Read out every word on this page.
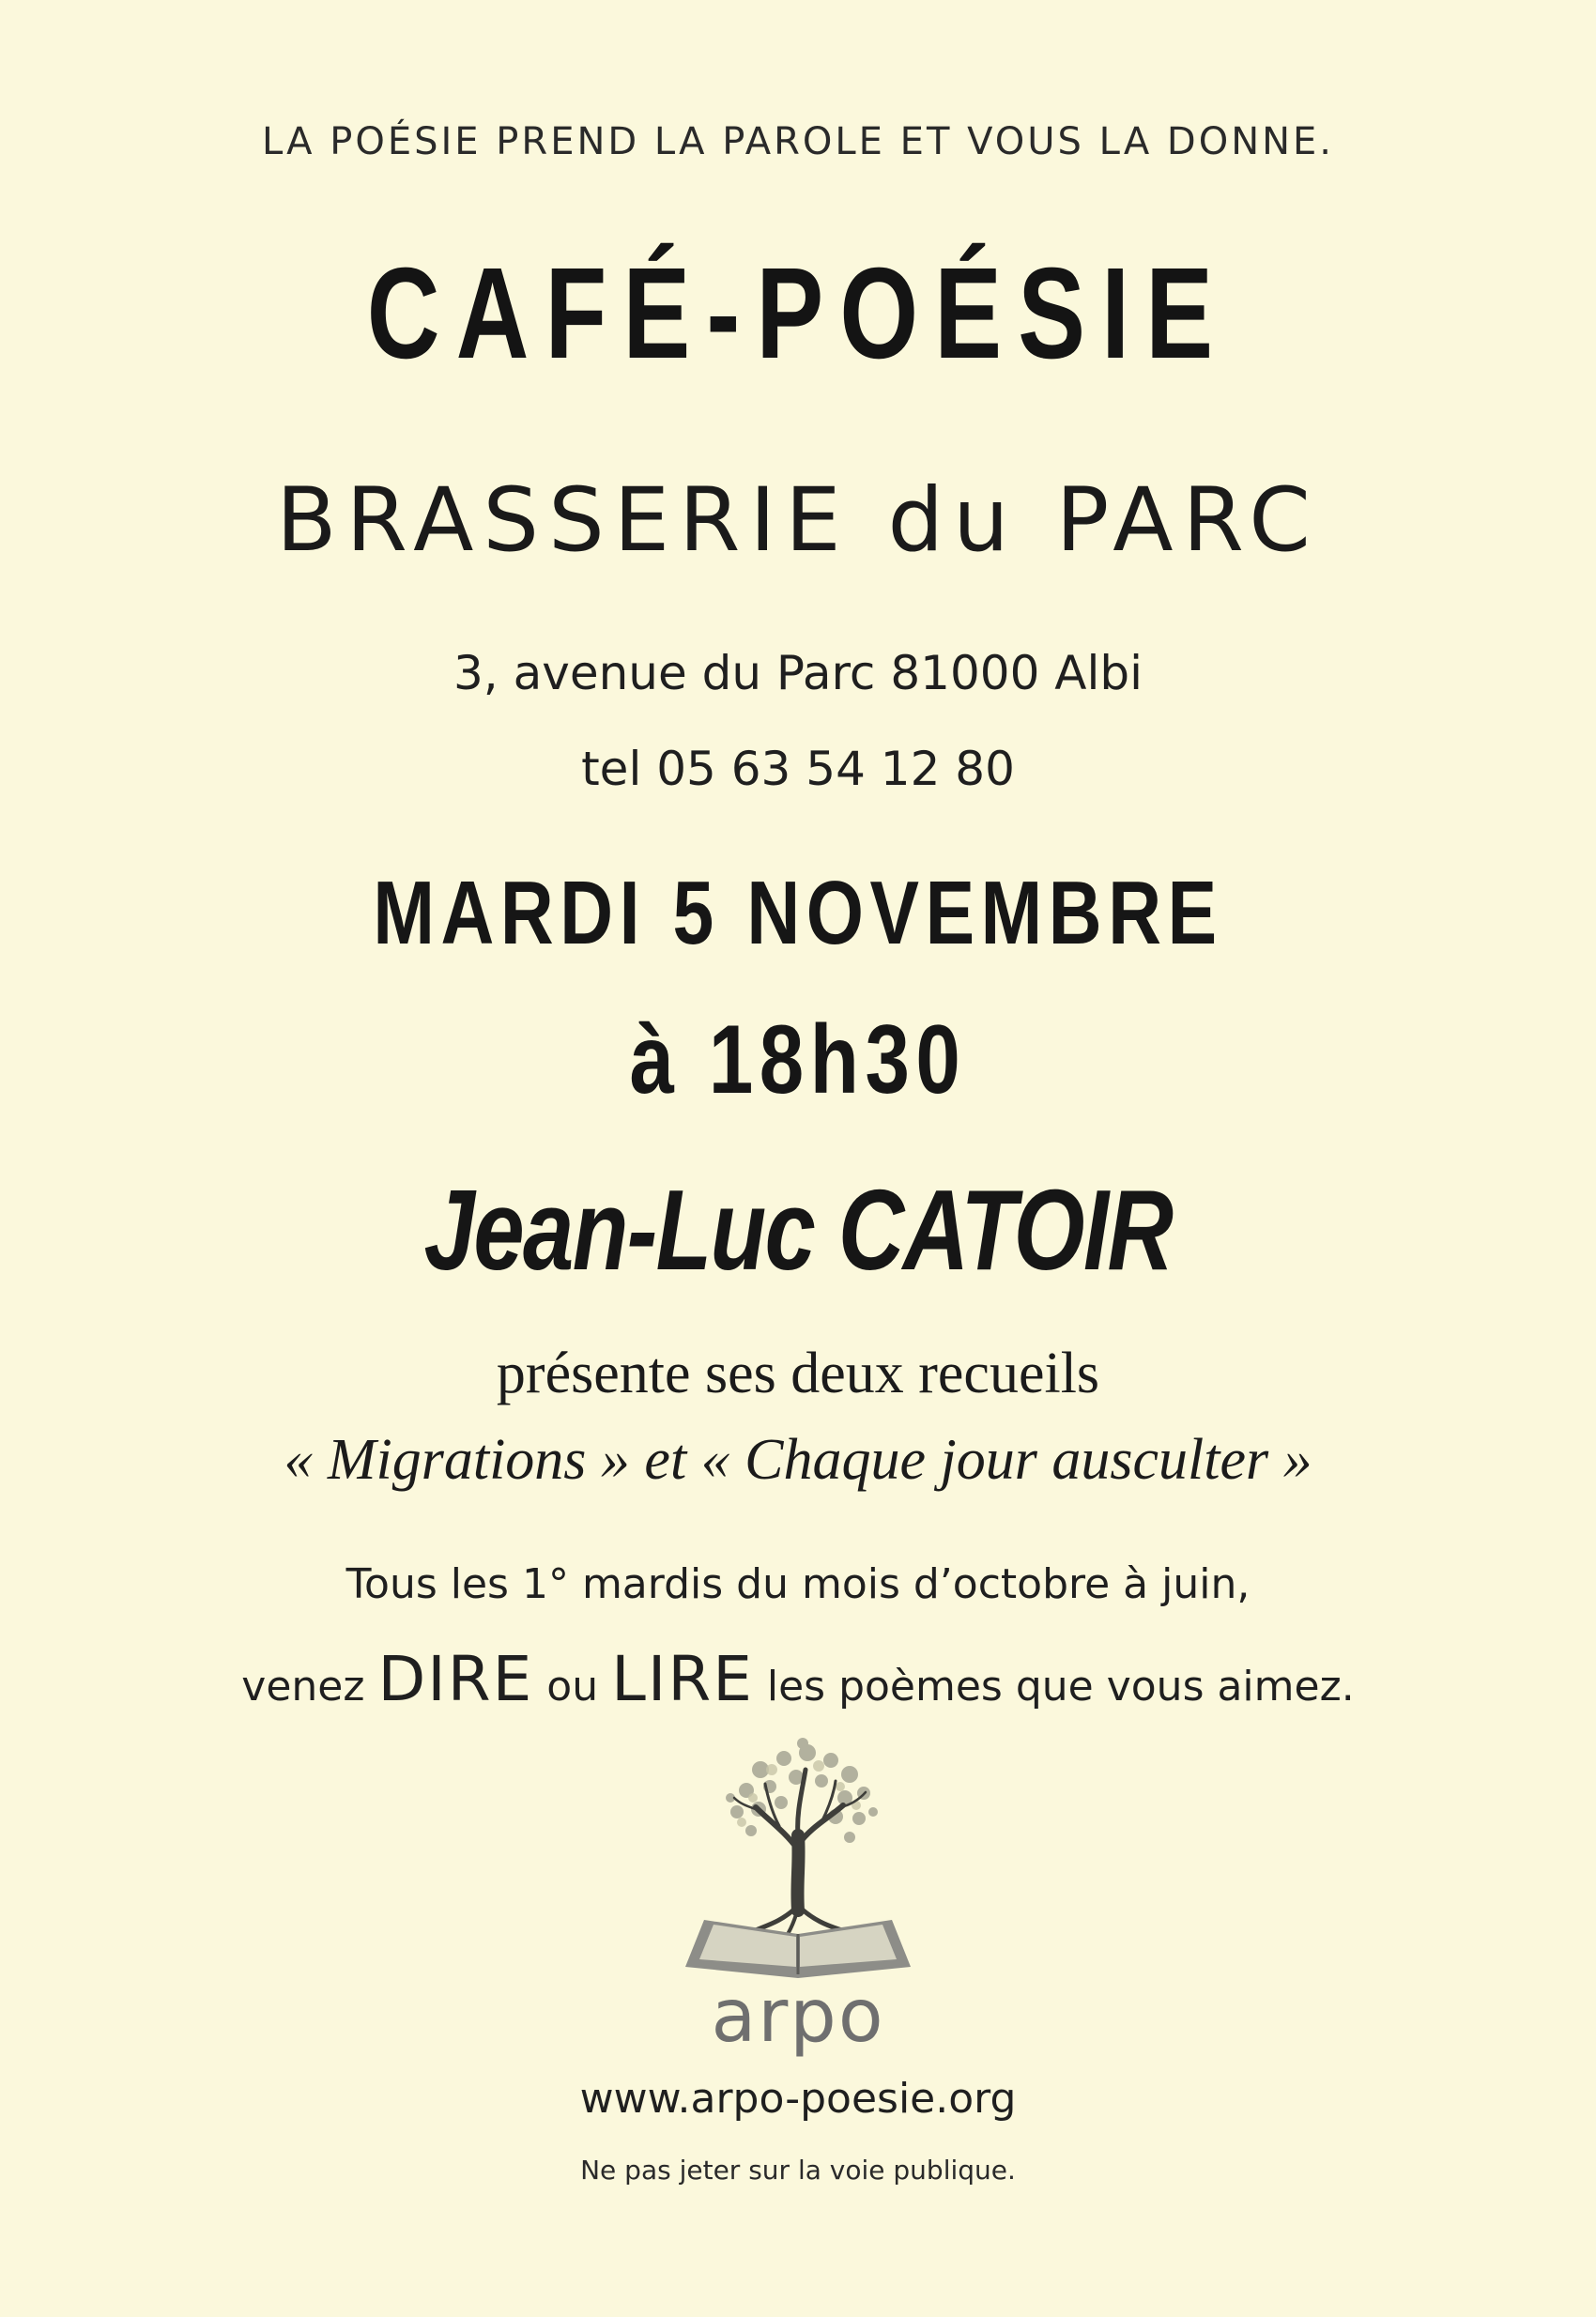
LA POÉSIE PREND LA PAROLE ET VOUS LA DONNE.
CAFÉ-POÉSIE
BRASSERIE du PARC
3, avenue du Parc 81000 Albi
tel 05 63 54 12 80
MARDI 5 NOVEMBRE
à 18h30
Jean-Luc CATOIR
présente ses deux recueils
« Migrations » et « Chaque jour ausculter »
Tous les 1° mardis du mois d’octobre à juin,
venez DIRE ou LIRE les poèmes que vous aimez.
arpo
www.arpo-poesie.org
Ne pas jeter sur la voie publique.
